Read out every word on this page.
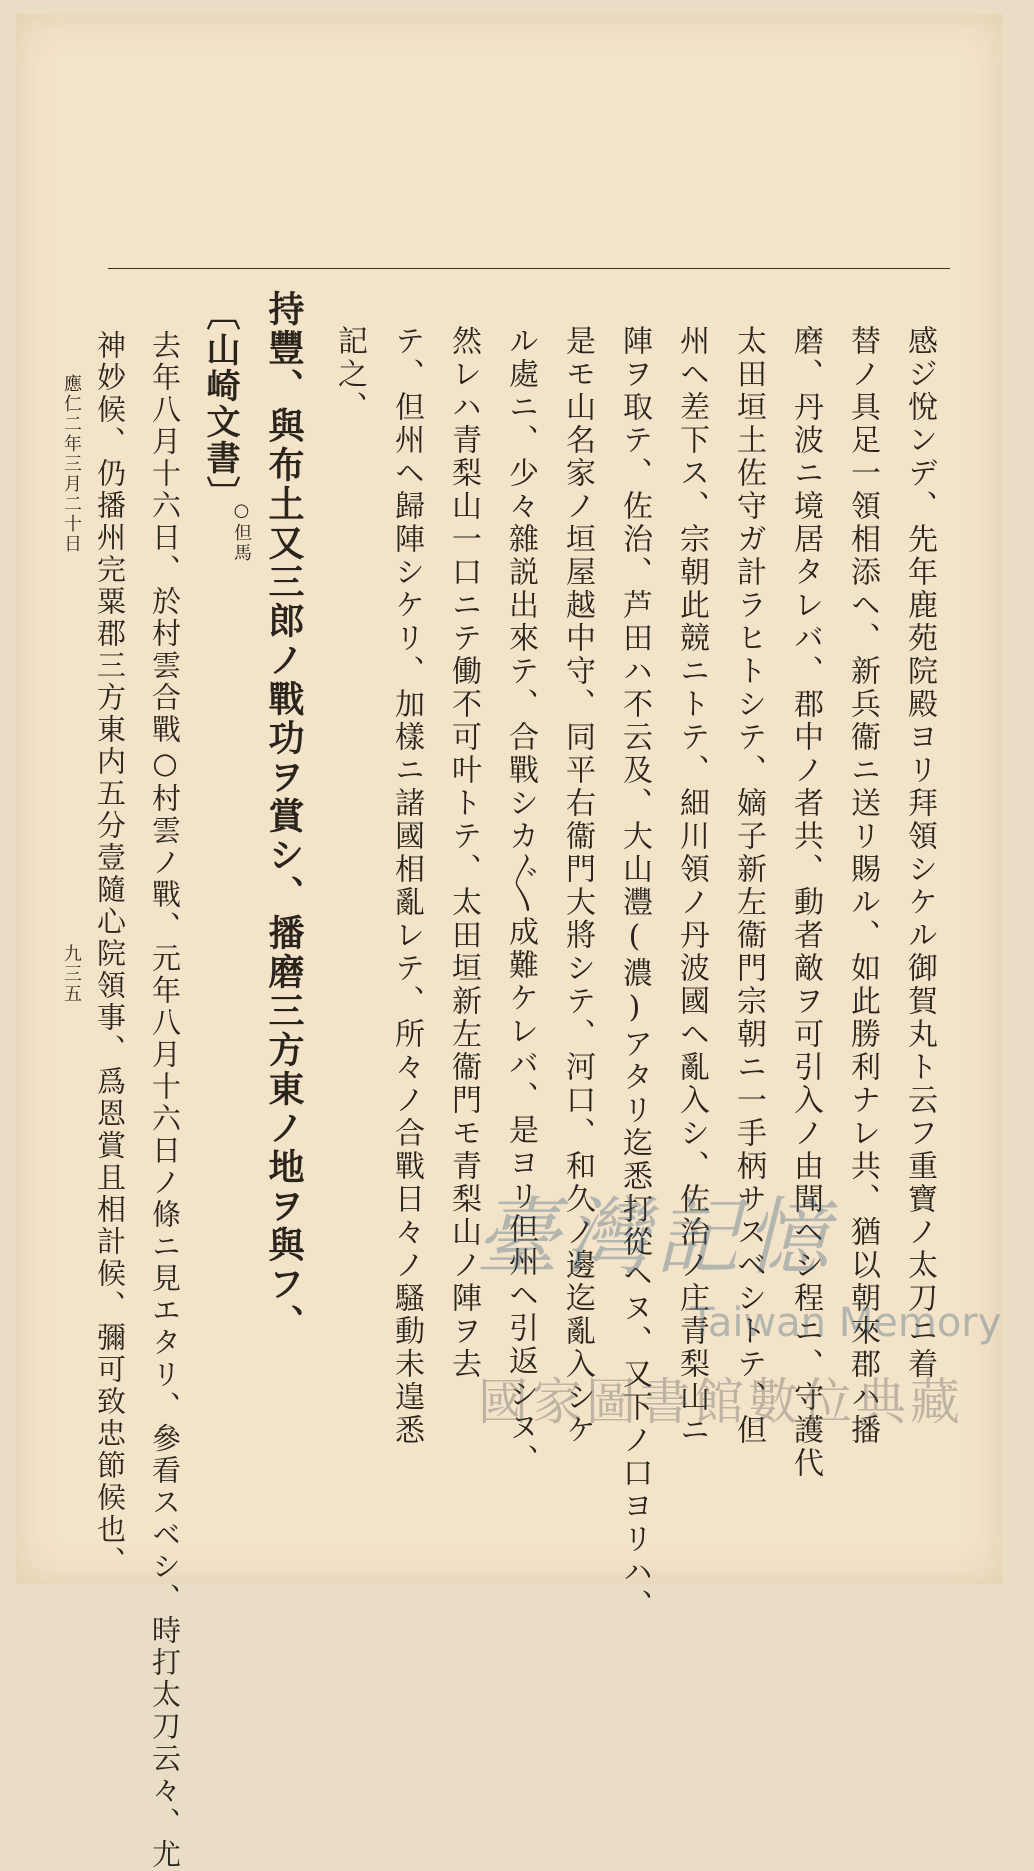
九三五
應仁二年三月二十日	感ジ悅ンデ、先年鹿苑院殿ヨリ拜領シケル御賀丸ト云フ重寶ノ太刀ニ着
替ノ具足一領相添ヘ、新兵衞ニ送リ賜ル、如此勝利ナレ共、猶以朝來郡ハ播
磨、丹波ニ境居タレバ、郡中ノ者共、動者敵ヲ可引入ノ由聞ヘシ程ニ、守護代
太田垣土佐守ガ計ラヒトシテ、嫡子新左衞門宗朝ニ一手柄サスベシトテ、但
州ヘ差下ス、宗朝此競ニトテ、細川領ノ丹波國ヘ亂入シ、佐治ノ庄青梨山ニ
陣ヲ取テ、佐治、芦田ハ不云及、大山灃(濃)アタリ迄悉打從ヘヌ、又下ノ口ヨリハ、
是モ山名家ノ垣屋越中守、同平右衞門大將シテ、河口、和久ノ邊迄亂入シケ
ル處ニ、少々雜説出來テ、合戰シカ〲成難ケレバ、是ヨリ但州ヘ引返シヌ、
然レハ青梨山一口ニテ働不可叶トテ、太田垣新左衞門モ青梨山ノ陣ヲ去
テ、但州ヘ歸陣シケリ、加樣ニ諸國相亂レテ、所々ノ合戰日々ノ騷動未遑悉
記之、
持豐、與布土又三郎ノ戰功ヲ賞シ、播磨三方東ノ地ヲ與フ、
〔山崎文書〕
○但馬
去年八月十六日、於村雲合戰○村雲ノ戰、元年八月十六日ノ條ニ見エタリ、參看スベシ、時打太刀云々、尤
神妙候、仍播州完粟郡三方東内五分壹隨心院領事、爲恩賞且相計候、彌可致忠節候也、	臺灣記憶
Taiwan Memory
國家圖書館數位典藏
